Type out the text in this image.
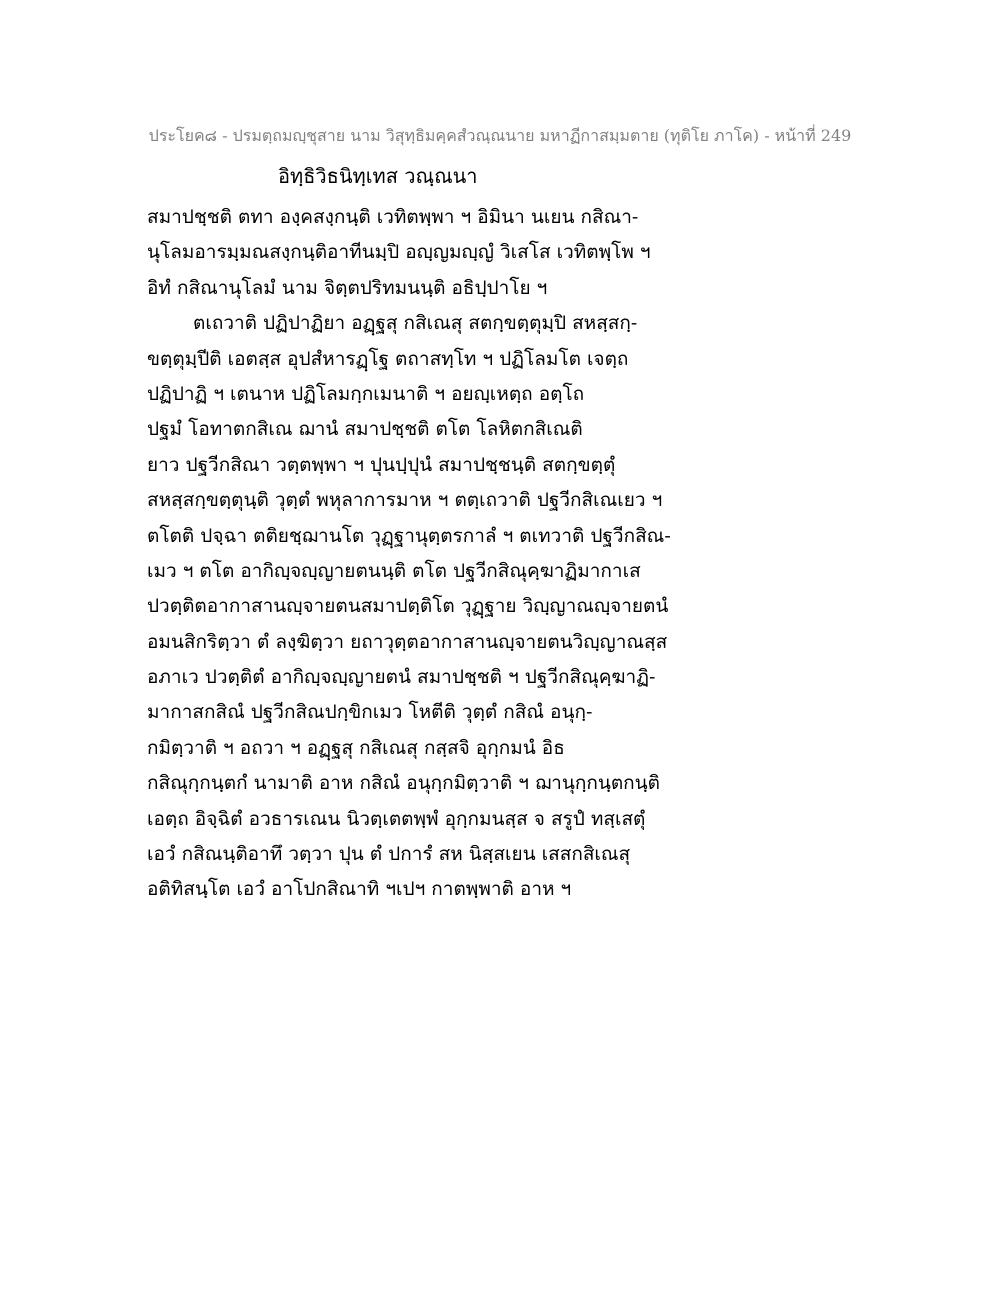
ประโยค๘ - ปรมตฺถมญฺชุสาย นาม วิสุทฺธิมคฺคสํวณฺณนาย มหาฏีกาสมฺมตาย (ทุติโย ภาโค) - หน้าที่ 249
อิทฺธิวิธนิทฺเทส วณฺณนา
สมาปชฺชติ ตทา องฺคสงฺกนฺติ เวทิตพฺพา ฯ อิมินา นเยน กสิณา-
นุโลมอารมฺมณสงฺกนฺติอาทีนมฺปิ อญฺญมญฺญํ วิเสโส เวทิตพฺโพ ฯ
อิทํ กสิณานุโลมํ นาม จิตฺตปริทมนนฺติ อธิปฺปาโย ฯ
ตเถวาติ ปฏิปาฏิยา อฏฺฐสุ กสิเณสุ สตกฺขตฺตุมฺปิ สหสฺสกฺ-
ขตฺตุมฺปีติ เอตสฺส อุปสํหารฏฺโฐ ตถาสทฺโท ฯ ปฏิโลมโต เจตฺถ
ปฏิปาฏิ ฯ เตนาห ปฏิโลมกฺกเมนาติ ฯ อยญฺเหตฺถ อตฺโถ
ปฐมํ โอทาตกสิเณ ฌานํ สมาปชฺชติ ตโต โลหิตกสิเณติ
ยาว ปฐวีกสิณา วตฺตพฺพา ฯ ปุนปฺปุนํ สมาปชฺชนฺติ สตกฺขตฺตุํ
สหสฺสกฺขตฺตุนฺติ วุตฺตํ พหุลาการมาห ฯ ตตฺเถวาติ ปฐวีกสิเณเยว ฯ
ตโตติ ปจฺฉา ตติยชฺฌานโต วุฏฺฐานุตฺตรกาลํ ฯ ตเทวาติ ปฐวีกสิณ-
เมว ฯ ตโต อากิญฺจญฺญายตนนฺติ ตโต ปฐวีกสิณุคฺฆาฏิมากาเส
ปวตฺติตอากาสานญฺจายตนสมาปตฺติโต วุฏฺฐาย วิญฺญาณญฺจายตนํ
อมนสิกริตฺวา ตํ ลงฺฆิตฺวา ยถาวุตฺตอากาสานญฺจายตนวิญฺญาณสฺส
อภาเว ปวตฺติตํ อากิญฺจญฺญายตนํ สมาปชฺชติ ฯ ปฐวีกสิณุคฺฆาฏิ-
มากาสกสิณํ ปฐวีกสิณปกฺขิกเมว โหตีติ วุตฺตํ กสิณํ อนุกฺ-
กมิตฺวาติ ฯ อถวา ฯ อฏฺฐสุ กสิเณสุ กสฺสจิ อุกฺกมนํ อิธ
กสิณุกฺกนฺตกํ นามาติ อาห กสิณํ อนุกฺกมิตฺวาติ ฯ ฌานุกฺกนฺตกนฺติ
เอตฺถ อิจฺฉิตํ อวธารเณน นิวตฺเตตพฺพํ อุกฺกมนสฺส จ สรูปํ ทสฺเสตุํ
เอวํ กสิณนฺติอาทึ วตฺวา ปุน ตํ ปการํ สห นิสฺสเยน เสสกสิเณสุ
อติทิสนฺโต เอวํ อาโปกสิณาทิ ฯเปฯ กาตพฺพาติ อาห ฯ
